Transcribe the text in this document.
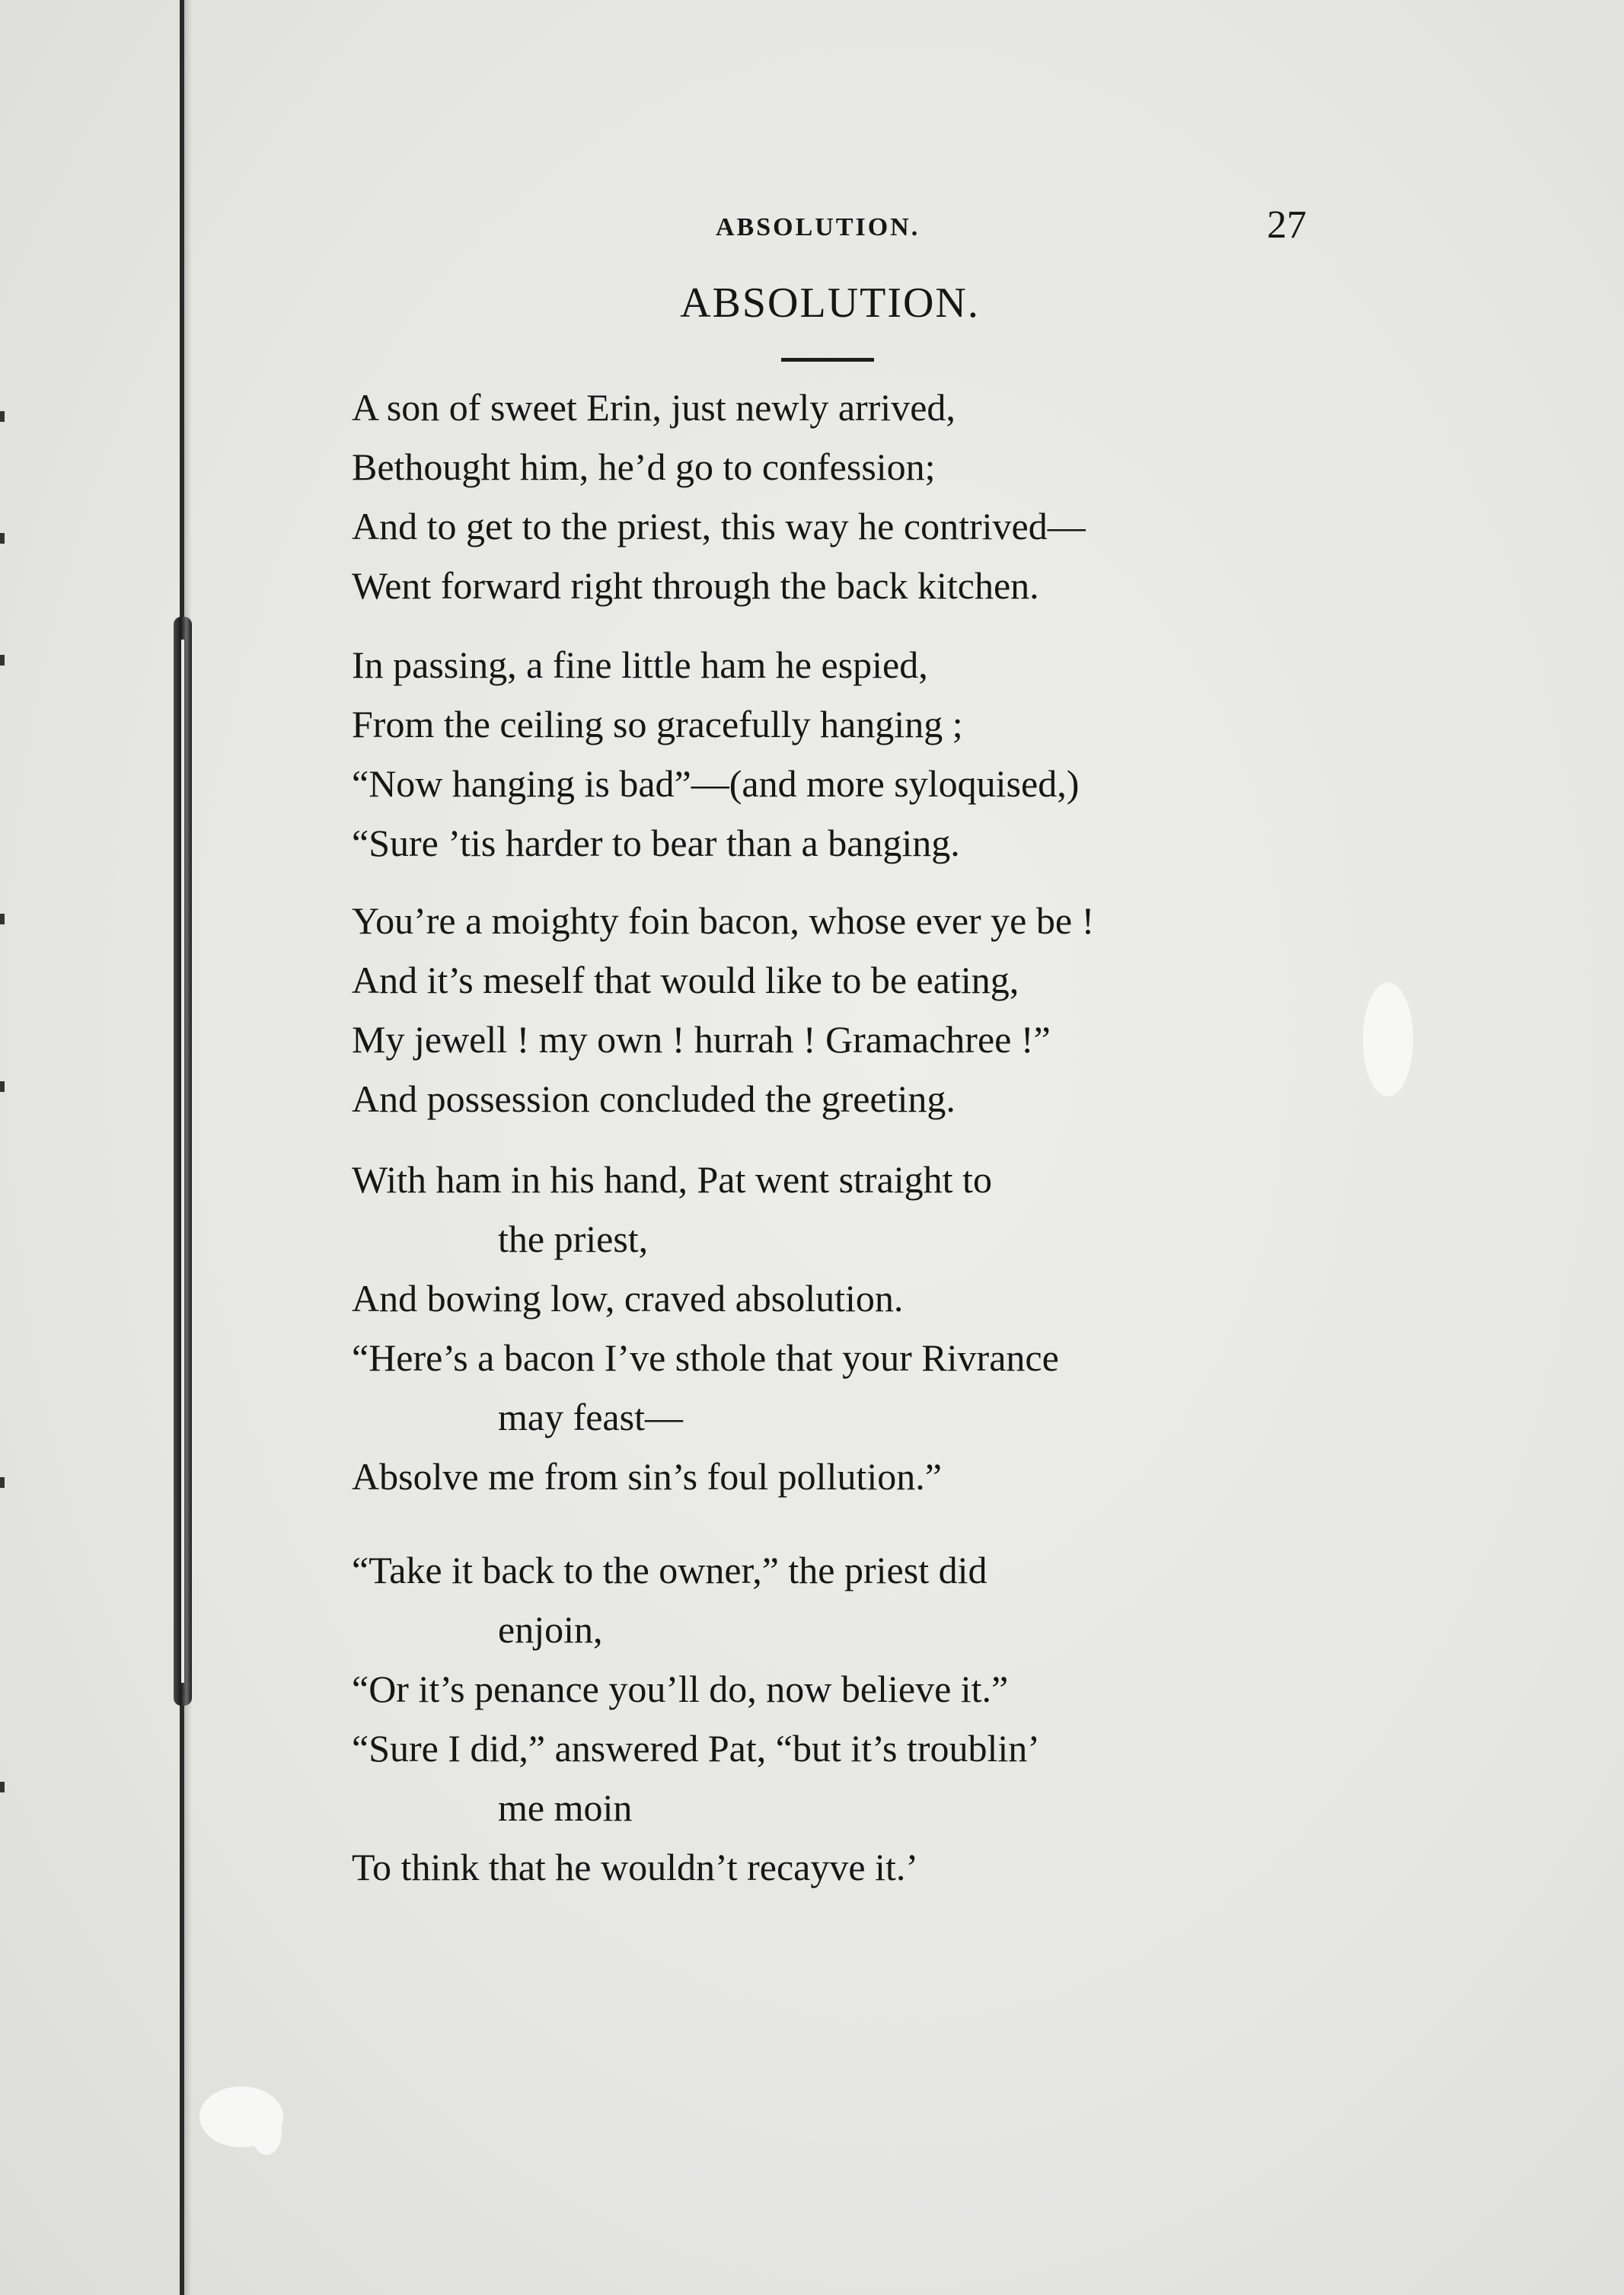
ABSOLUTION.	27
ABSOLUTION.
A son of sweet Erin, just newly arrived,
Bethought him, he’d go to confession;
And to get to the priest, this way he contrived—
Went forward right through the back kitchen.
In passing, a fine little ham he espied,
From the ceiling so gracefully hanging ;
“Now hanging is bad”—(and more syloquised,)
“Sure ’tis harder to bear than a banging.
You’re a moighty foin bacon, whose ever ye be !
And it’s meself that would like to be eating,
My jewell ! my own ! hurrah ! Gramachree !”
And possession concluded the greeting.
With ham in his hand, Pat went straight to
the priest,
And bowing low, craved absolution.
“Here’s a bacon I’ve sthole that your Rivrance
may feast—
Absolve me from sin’s foul pollution.”
“Take it back to the owner,” the priest did
enjoin,
“Or it’s penance you’ll do, now believe it.”
“Sure I did,” answered Pat, “but it’s troublin’
me moin
To think that he wouldn’t recayve it.’
